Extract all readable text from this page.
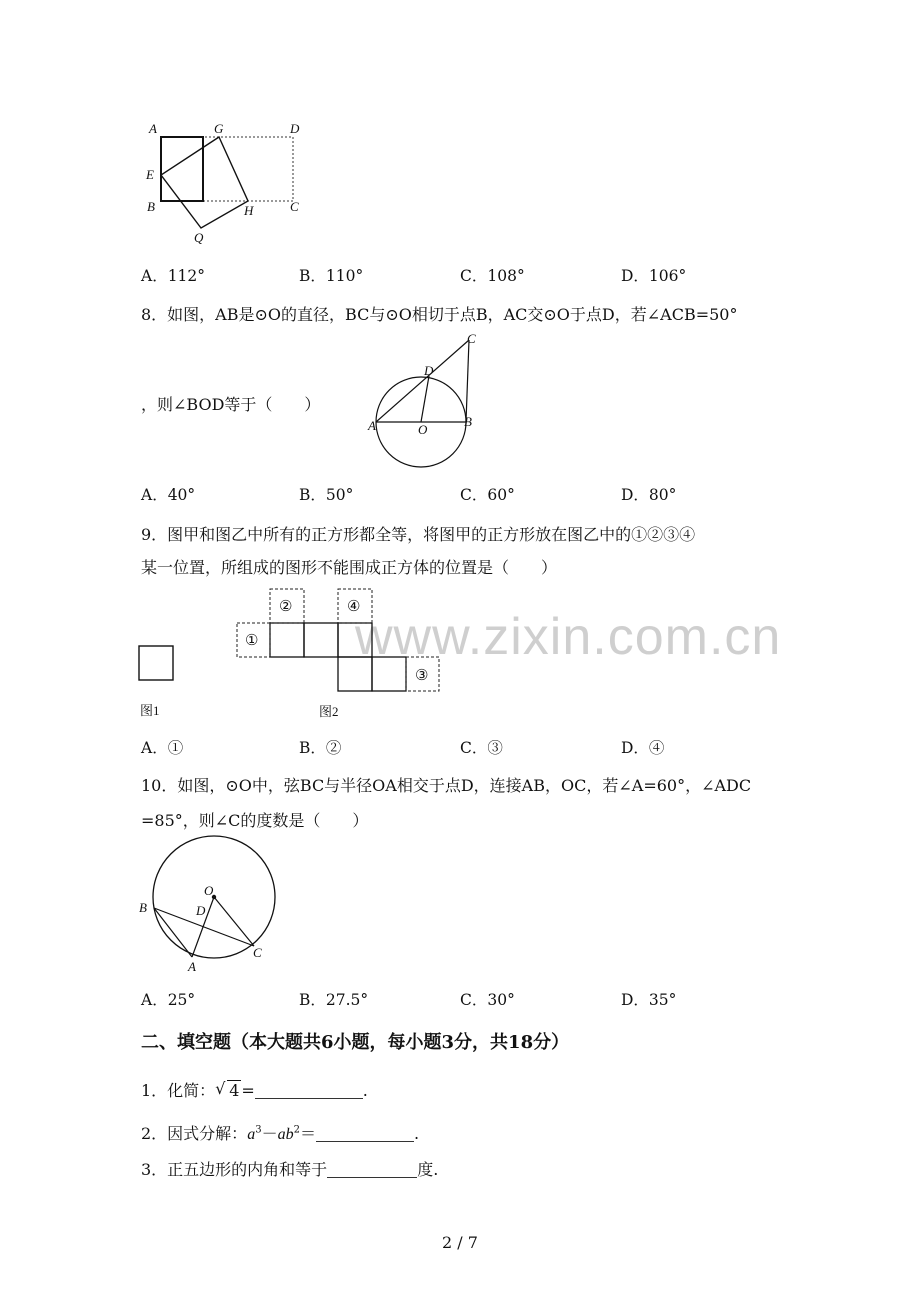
www.zixin.com.cn
A	G	D
E
B	H	C
Q
A．112°	B．110°	C．108°	D．106°
8．如图，AB是⊙O的直径，BC与⊙O相切于点B，AC交⊙O于点D，若∠ACB=50°
，则∠BOD等于（　　）
C
D
A	O
B
A．40°	B．50°	C．60°	D．80°
9．图甲和图乙中所有的正方形都全等，将图甲的正方形放在图乙中的①②③④
某一位置，所组成的图形不能围成正方体的位置是（　　）
图1
①
②
③
④
图2
A．①	B．②	C．③	D．④
10．如图，⊙O中，弦BC与半径OA相交于点D，连接AB，OC，若∠A=60°，∠ADC
=85°，则∠C的度数是（　　）
O
B	D
C
A
A．25°	B．27.5°	C．30°	D．35°
二、填空题（本大题共6小题，每小题3分，共18分）
1．化简： √ 4 =	.
2．因式分解：$a^3-ab^2=$	.
3．正五边形的内角和等于	度.
2 / 7
